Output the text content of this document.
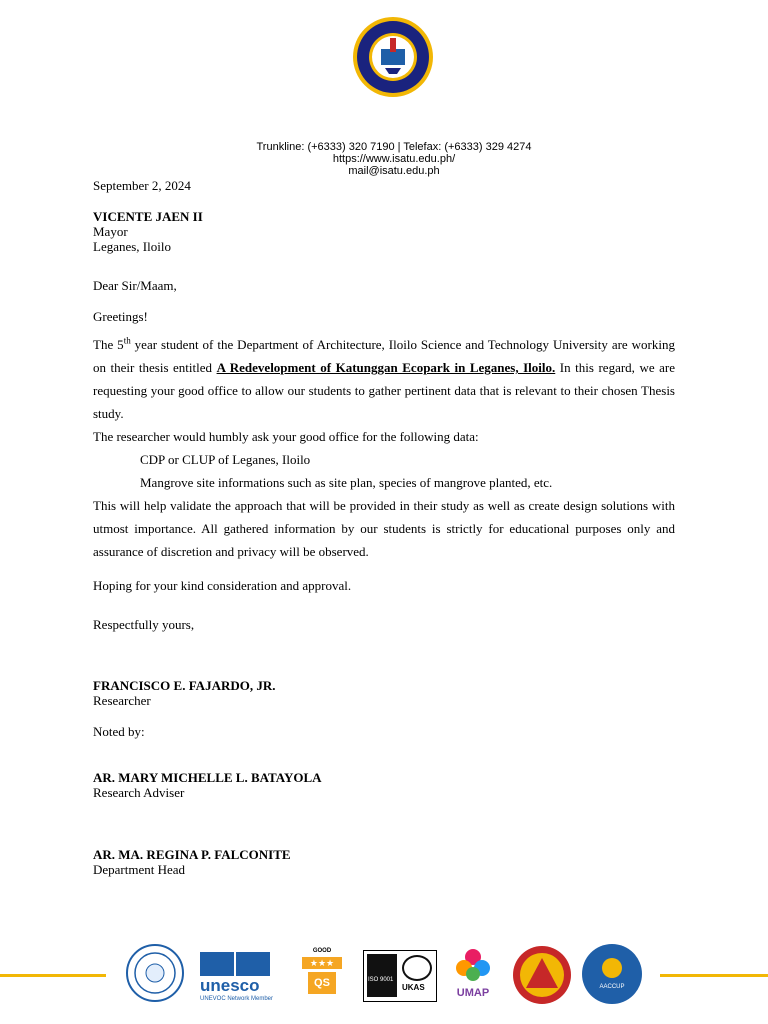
Trunkline: (+6333) 320 7190 | Telefax: (+6333) 329 4274
https://www.isatu.edu.ph/
mail@isatu.edu.ph

September 2, 2024

VICENTE JAEN II

Mayor

Leganes, Iloilo

Dear Sir/Maam,

Greetings!

The 5th year student of the Department of Architecture, Iloilo Science and Technology University are working on their thesis entitled A Redevelopment of Katunggan Ecopark in Leganes, Iloilo. In this regard, we are requesting your good office to allow our students to gather pertinent data that is relevant to their chosen Thesis study.

The researcher would humbly ask your good office for the following data:

CDP or CLUP of Leganes, Iloilo

Mangrove site informations such as site plan, species of mangrove planted, etc.

This will help validate the approach that will be provided in their study as well as create design solutions with utmost importance. All gathered information by our students is strictly for educational purposes only and assurance of discretion and privacy will be observed.

Hoping for your kind consideration and approval.

Respectfully yours,

FRANCISCO E. FAJARDO, JR.

Researcher

Noted by:

AR. MARY MICHELLE L. BATAYOLA

Research Adviser

AR. MA. REGINA P. FALCONITE

Department Head

unesco
UNEVOC Network Member
GOOD
★★★
QS	ISO 9001
UKAS	UMAP	AACCUP
